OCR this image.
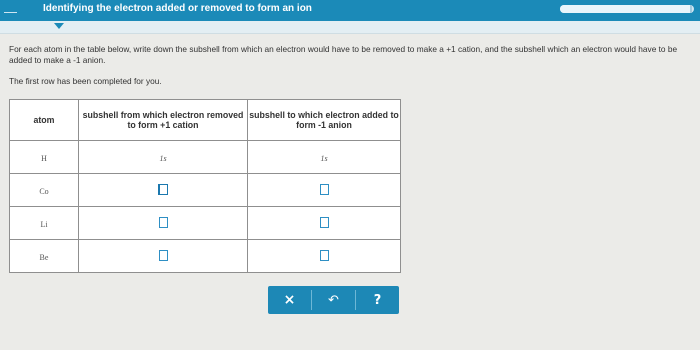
—	Identifying the electron added or removed to form an ion
For each atom in the table below, write down the subshell from which an electron would have to be removed to make a +1 cation, and the subshell which an electron would have to be added to make a -1 anion.
The first row has been completed for you.
atom	subshell from which electron removed to form +1 cation	subshell to which electron added to form -1 anion
H	1s	1s
Co		
Li		
Be		
×	↶	?
